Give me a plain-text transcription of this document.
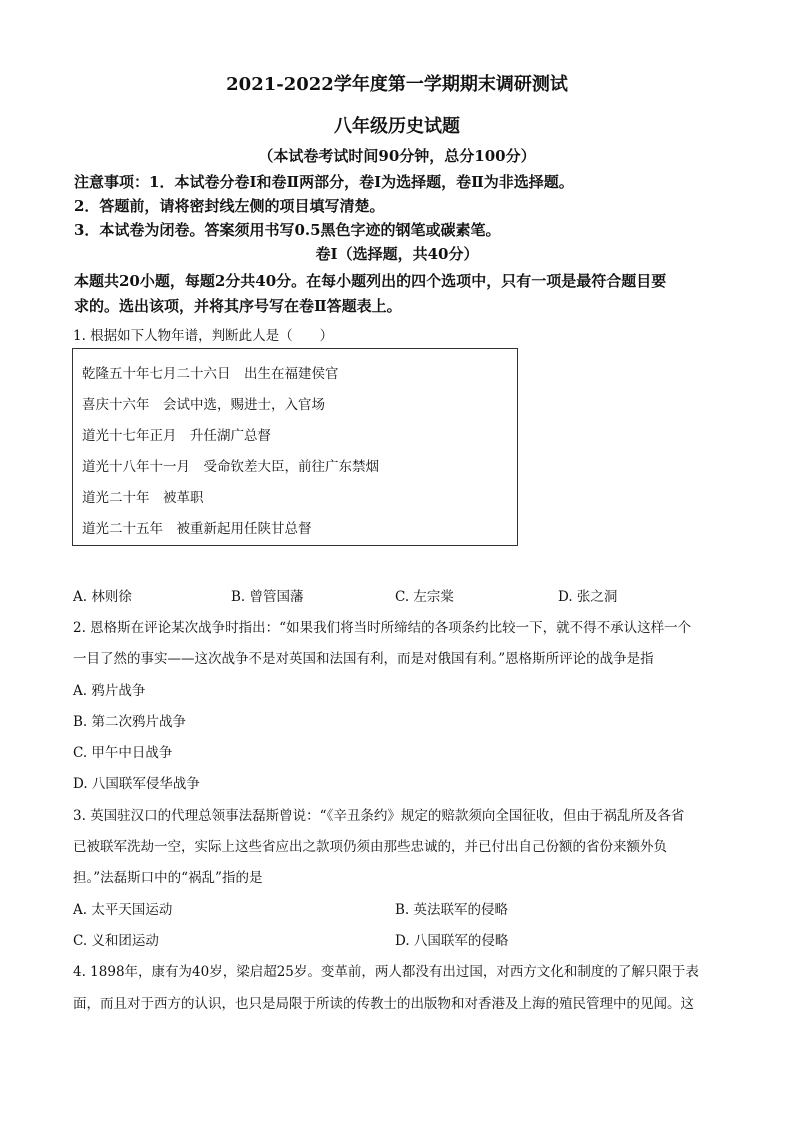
2021-2022学年度第一学期期末调研测试
八年级历史试题
（本试卷考试时间90分钟，总分100分）
注意事项：1．本试卷分卷Ⅰ和卷Ⅱ两部分，卷Ⅰ为选择题，卷Ⅱ为非选择题。
2．答题前，请将密封线左侧的项目填写清楚。
3．本试卷为闭卷。答案须用书写0.5黑色字迹的钢笔或碳素笔。
卷Ⅰ（选择题，共40分）
本题共20小题，每题2分共40分。在每小题列出的四个选项中，只有一项是最符合题目要
求的。选出该项，并将其序号写在卷Ⅱ答题表上。
1. 根据如下人物年谱，判断此人是（　　）
乾隆五十年七月二十六日　出生在福建侯官
喜庆十六年　会试中选，赐进士，入官场
道光十七年正月　升任湖广总督
道光十八年十一月　受命钦差大臣，前往广东禁烟
道光二十年　被革职
道光二十五年　被重新起用任陕甘总督
A. 林则徐	B. 曾管国藩	C. 左宗棠	D. 张之洞
2. 恩格斯在评论某次战争时指出：“如果我们将当时所缔结的各项条约比较一下，就不得不承认这样一个
一目了然的事实——这次战争不是对英国和法国有利，而是对俄国有利。”恩格斯所评论的战争是指
A. 鸦片战争
B. 第二次鸦片战争
C. 甲午中日战争
D. 八国联军侵华战争
3. 英国驻汉口的代理总领事法磊斯曾说：“《辛丑条约》规定的赔款须向全国征收，但由于祸乱所及各省
已被联军洗劫一空，实际上这些省应出之款项仍须由那些忠诚的，并已付出自己份额的省份来额外负
担。”法磊斯口中的“祸乱”指的是
A. 太平天国运动	B. 英法联军的侵略
C. 义和团运动	D. 八国联军的侵略
4. 1898年，康有为40岁，梁启超25岁。变革前，两人都没有出过国，对西方文化和制度的了解只限于表
面，而且对于西方的认识，也只是局限于所读的传教士的出版物和对香港及上海的殖民管理中的见闻。这
